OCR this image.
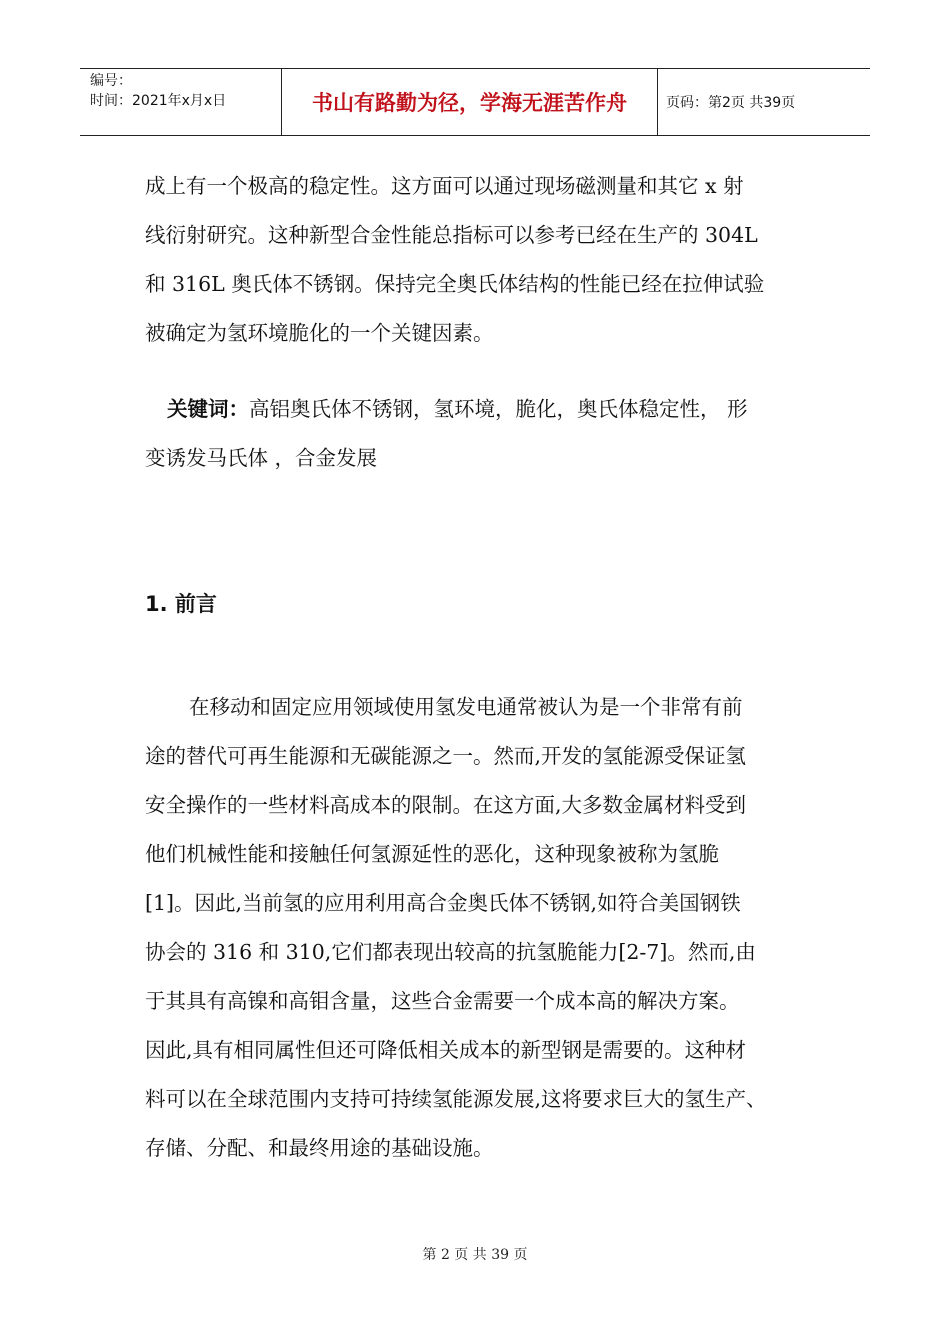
编号：
时间：2021年x月x日	书山有路勤为径，学海无涯苦作舟	页码：第2页 共39页
成上有一个极高的稳定性。这方面可以通过现场磁测量和其它 x 射
线衍射研究。这种新型合金性能总指标可以参考已经在生产的 304L
和 316L 奥氏体不锈钢。保持完全奥氏体结构的性能已经在拉伸试验
被确定为氢环境脆化的一个关键因素。
关键词：高铝奥氏体不锈钢，氢环境，脆化，奥氏体稳定性， 形
变诱发马氏体 ，合金发展
1. 前言
在移动和固定应用领域使用氢发电通常被认为是一个非常有前
途的替代可再生能源和无碳能源之一。然而,开发的氢能源受保证氢
安全操作的一些材料高成本的限制。在这方面,大多数金属材料受到
他们机械性能和接触任何氢源延性的恶化，这种现象被称为氢脆
[1]。因此,当前氢的应用利用高合金奥氏体不锈钢,如符合美国钢铁
协会的 316 和 310,它们都表现出较高的抗氢脆能力[2-7]。然而,由
于其具有高镍和高钼含量，这些合金需要一个成本高的解决方案。
因此,具有相同属性但还可降低相关成本的新型钢是需要的。这种材
料可以在全球范围内支持可持续氢能源发展,这将要求巨大的氢生产、
存储、分配、和最终用途的基础设施。
第 2 页 共 39 页
